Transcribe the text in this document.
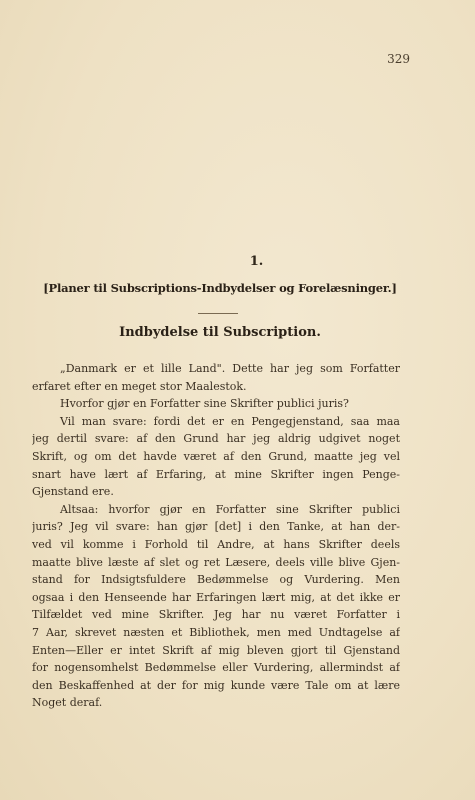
329
1.
[Planer til Subscriptions-Indbydelser og Forelæsninger.]
Indbydelse til Subscription.
„Danmark er et lille Land". Dette har jeg som Forfatter
erfaret efter en meget stor Maalestok.
Hvorfor gjør en Forfatter sine Skrifter publici juris?
Vil man svare: fordi det er en Pengegjenstand, saa maa
jeg dertil svare: af den Grund har jeg aldrig udgivet noget
Skrift, og om det havde været af den Grund, maatte jeg vel
snart have lært af Erfaring, at mine Skrifter ingen Penge-
Gjenstand ere.
Altsaa: hvorfor gjør en Forfatter sine Skrifter publici
juris? Jeg vil svare: han gjør [det] i den Tanke, at han der-
ved vil komme i Forhold til Andre, at hans Skrifter deels
maatte blive læste af slet og ret Læsere, deels ville blive Gjen-
stand for Indsigtsfuldere Bedømmelse og Vurdering. Men
ogsaa i den Henseende har Erfaringen lært mig, at det ikke er
Tilfældet ved mine Skrifter. Jeg har nu været Forfatter i
7 Aar, skrevet næsten et Bibliothek, men med Undtagelse af
Enten—Eller er intet Skrift af mig bleven gjort til Gjenstand
for nogensomhelst Bedømmelse eller Vurdering, allermindst af
den Beskaffenhed at der for mig kunde være Tale om at lære
Noget deraf.
